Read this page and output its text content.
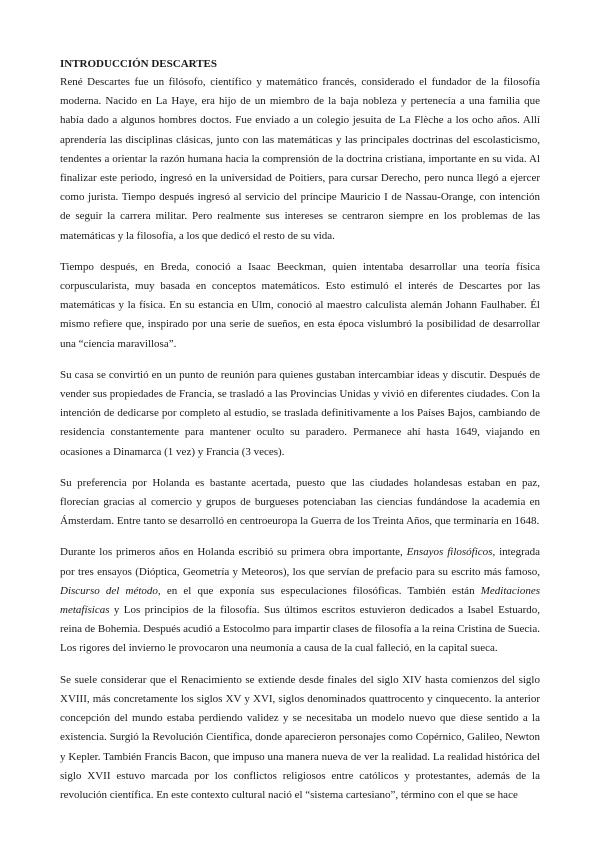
INTRODUCCIÓN DESCARTES

René Descartes fue un filósofo, científico y matemático francés, considerado el fundador de la filosofía moderna. Nacido en La Haye, era hijo de un miembro de la baja nobleza y pertenecía a una familia que había dado a algunos hombres doctos. Fue enviado a un colegio jesuita de La Flèche a los ocho años. Allí aprendería las disciplinas clásicas, junto con las matemáticas y las principales doctrinas del escolasticismo, tendentes a orientar la razón humana hacia la comprensión de la doctrina cristiana, importante en su vida. Al finalizar este periodo, ingresó en la universidad de Poitiers, para cursar Derecho, pero nunca llegó a ejercer como jurista. Tiempo después ingresó al servicio del príncipe Mauricio I de Nassau-Orange, con intención de seguir la carrera militar. Pero realmente sus intereses se centraron siempre en los problemas de las matemáticas y la filosofía, a los que dedicó el resto de su vida.

Tiempo después, en Breda, conoció a Isaac Beeckman, quien intentaba desarrollar una teoría física corpuscularista, muy basada en conceptos matemáticos. Esto estimuló el interés de Descartes por las matemáticas y la física. En su estancia en Ulm, conoció al maestro calculista alemán Johann Faulhaber. Él mismo refiere que, inspirado por una serie de sueños, en esta época vislumbró la posibilidad de desarrollar una “ciencia maravillosa”.

Su casa se convirtió en un punto de reunión para quienes gustaban intercambiar ideas y discutir. Después de vender sus propiedades de Francia, se trasladó a las Provincias Unidas y vivió en diferentes ciudades. Con la intención de dedicarse por completo al estudio, se traslada definitivamente a los Países Bajos, cambiando de residencia constantemente para mantener oculto su paradero. Permanece ahí hasta 1649, viajando en ocasiones a Dinamarca (1 vez) y Francia (3 veces).

Su preferencia por Holanda es bastante acertada, puesto que las ciudades holandesas estaban en paz, florecían gracias al comercio y grupos de burgueses potenciaban las ciencias fundándose la academia en Ámsterdam. Entre tanto se desarrolló en centroeuropa la Guerra de los Treinta Años, que terminaría en 1648.

Durante los primeros años en Holanda escribió su primera obra importante, Ensayos filosóficos, integrada por tres ensayos (Dióptica, Geometría y Meteoros), los que servían de prefacio para su escrito más famoso, Discurso del método, en el que exponía sus especulaciones filosóficas. También están Meditaciones metafísicas y Los principios de la filosofía. Sus últimos escritos estuvieron dedicados a Isabel Estuardo, reina de Bohemia. Después acudió a Estocolmo para impartir clases de filosofía a la reina Cristina de Suecia. Los rigores del invierno le provocaron una neumonía a causa de la cual falleció, en la capital sueca.

Se suele considerar que el Renacimiento se extiende desde finales del siglo XIV hasta comienzos del siglo XVIII, más concretamente los siglos XV y XVI, siglos denominados quattrocento y cinquecento. la anterior concepción del mundo estaba perdiendo validez y se necesitaba un modelo nuevo que diese sentido a la existencia. Surgió la Revolución Científica, donde aparecieron personajes como Copérnico, Galileo, Newton y Kepler. También Francis Bacon, que impuso una manera nueva de ver la realidad. La realidad histórica del siglo XVII estuvo marcada por los conflictos religiosos entre católicos y protestantes, además de la revolución científica. En este contexto cultural nació el “sistema cartesiano”, término con el que se hace
